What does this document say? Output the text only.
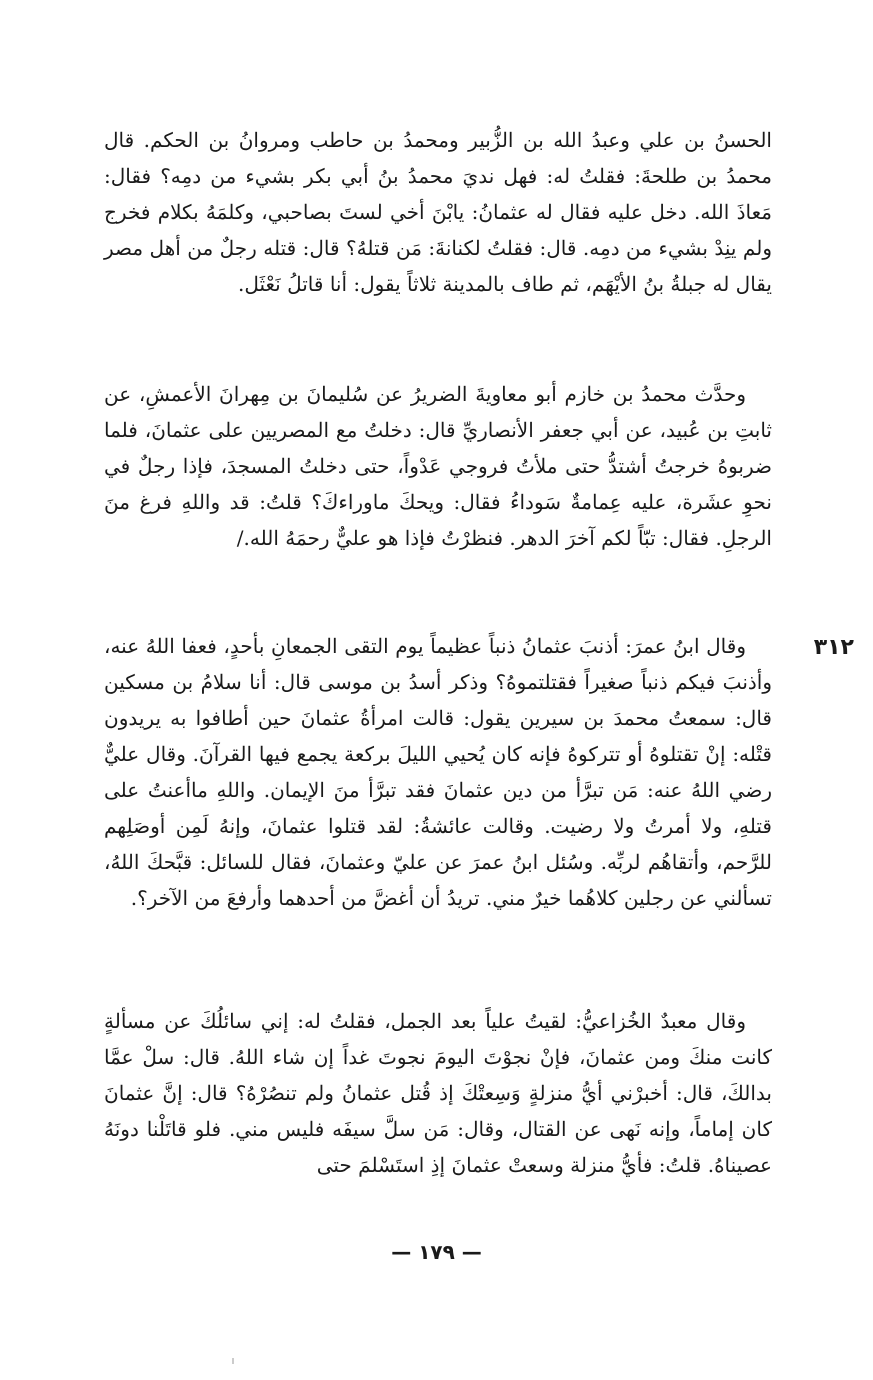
الحسنُ بن علي وعبدُ الله بن الزُّبير ومحمدُ بن حاطب ومروانُ بن الحكم. قال محمدُ بن طلحةَ: فقلتُ له: فهل نديَ محمدُ بنُ أبي بكر بشيء من دمِه؟ فقال: مَعاذَ الله. دخل عليه فقال له عثمانُ: يابْنَ أخي لستَ بصاحبي، وكلمَهُ بكلام فخرج ولم ينِدْ بشيء من دمِه. قال: فقلتُ لكنانةَ: مَن قتلهُ؟ قال: قتله رجلٌ من أهل مصر يقال له جبلةُ بنُ الأيْهَم، ثم طاف بالمدينة ثلاثاً يقول: أنا قاتلُ نَعْثَل.

وحدَّث محمدُ بن خازم أبو معاويةَ الضريرُ عن سُليمانَ بن مِهرانَ الأعمشِ، عن ثابتِ بن عُبيد، عن أبي جعفر الأنصاريِّ قال: دخلتُ مع المصريين على عثمانَ، فلما ضربوهُ خرجتُ أشتدُّ حتى ملأتُ فروجي عَدْواً، حتى دخلتُ المسجدَ، فإذا رجلٌ في نحوِ عشَرة، عليه عِمامةٌ سَوداءُ فقال: ويحكَ ماوراءكَ؟ قلتُ: قد واللهِ فرغ منَ الرجلِ. فقال: تبّاً لكم آخرَ الدهر. فنظرْتُ فإذا هو عليٌّ رحمَهُ الله./

٣١٢

وقال ابنُ عمرَ: أذنبَ عثمانُ ذنباً عظيماً يوم التقى الجمعانِ بأحدٍ، فعفا اللهُ عنه، وأذنبَ فيكم ذنباً صغيراً فقتلتموهُ؟ وذكر أسدُ بن موسى قال: أنا سلامُ بن مسكين قال: سمعتُ محمدَ بن سيرين يقول: قالت امرأةُ عثمانَ حين أطافوا به يريدون قتْله: إنْ تقتلوهُ أو تتركوهُ فإنه كان يُحيي الليلَ بركعة يجمع فيها القرآنَ. وقال عليٌّ رضي اللهُ عنه: مَن تبرَّأ من دين عثمانَ فقد تبرَّأ منَ الإيمان. واللهِ ماأعنتُ على قتلهِ، ولا أمرتُ ولا رضيت. وقالت عائشةُ: لقد قتلوا عثمانَ، وإنهُ لَمِن أوصَلِهم للرَّحم، وأتقاهُم لربِّه. وسُئل ابنُ عمرَ عن عليّ وعثمانَ، فقال للسائل: قبَّحكَ اللهُ، تسألني عن رجلين كلاهُما خيرٌ مني. تريدُ أن أغضَّ من أحدهما وأرفعَ من الآخر؟.

وقال معبدٌ الخُزاعيُّ: لقيتُ علياً بعد الجمل، فقلتُ له: إني سائلُكَ عن مسألةٍ كانت منكَ ومن عثمانَ، فإنْ نجوْتَ اليومَ نجوتَ غداً إن شاء اللهُ. قال: سلْ عمَّا بدالكَ، قال: أخبرْني أيُّ منزلةٍ وَسِعتْكَ إذ قُتل عثمانُ ولم تنصُرْهُ؟ قال: إنَّ عثمانَ كان إماماً، وإنه نَهى عن القتال، وقال: مَن سلَّ سيفَه فليس مني. فلو قاتَلْنا دونَهُ عصيناهُ. قلتُ: فأيُّ منزلة وسعتْ عثمانَ إذِ استَسْلمَ حتى

— ١٧٩ —
